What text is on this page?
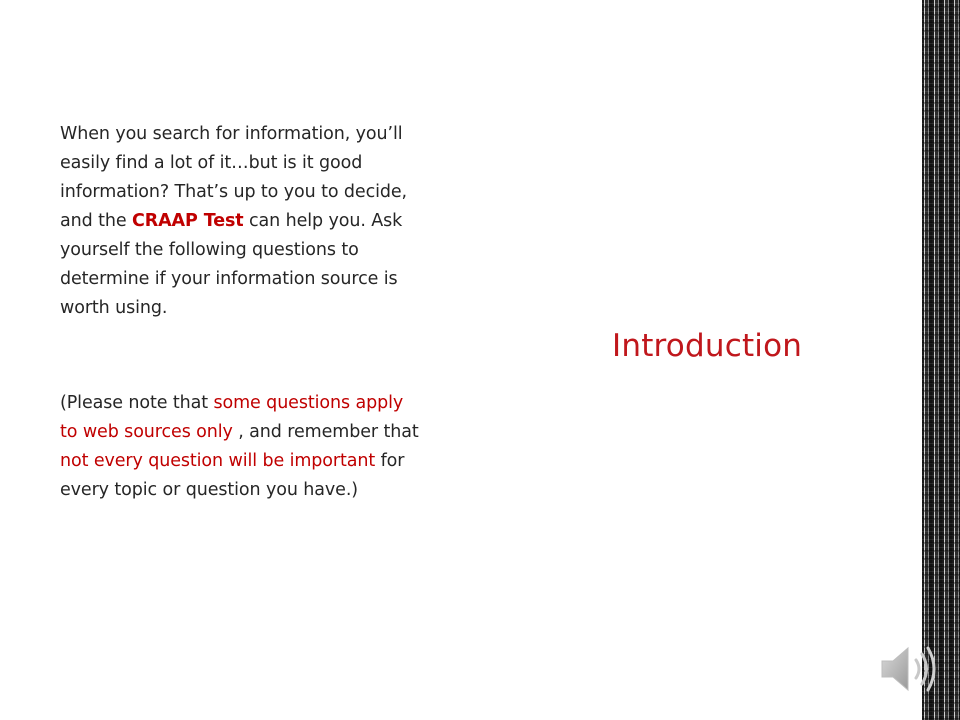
When you search for information, you’ll easily find a lot of it…but is it good information? That’s up to you to decide, and the CRAAP Test can help you. Ask yourself the following questions to determine if your information source is worth using.

(Please note that some questions apply to web sources only , and remember that not every question will be important for every topic or question you have.)

Introduction
